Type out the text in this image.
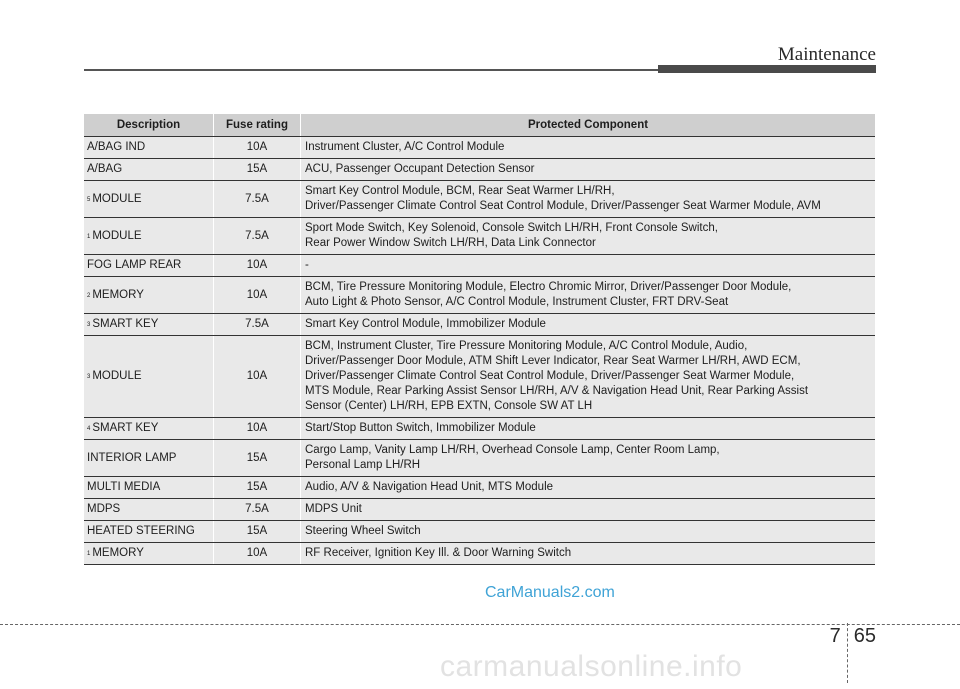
Maintenance
Description	Fuse rating	Protected Component
A/BAG IND	10A	Instrument Cluster, A/C Control Module
A/BAG	15A	ACU, Passenger Occupant Detection Sensor
$^5$ MODULE	7.5A	Smart Key Control Module, BCM, Rear Seat Warmer LH/RH,
Driver/Passenger Climate Control Seat Control Module, Driver/Passenger Seat Warmer Module, AVM
$^1$ MODULE	7.5A	Sport Mode Switch, Key Solenoid, Console Switch LH/RH, Front Console Switch,
Rear Power Window Switch LH/RH, Data Link Connector
FOG LAMP REAR	10A	-
$^2$ MEMORY	10A	BCM, Tire Pressure Monitoring Module, Electro Chromic Mirror, Driver/Passenger Door Module,
Auto Light & Photo Sensor, A/C Control Module, Instrument Cluster, FRT DRV-Seat
$^3$ SMART KEY	7.5A	Smart Key Control Module, Immobilizer Module
$^3$ MODULE	10A	BCM, Instrument Cluster, Tire Pressure Monitoring Module, A/C Control Module, Audio,
Driver/Passenger Door Module, ATM Shift Lever Indicator, Rear Seat Warmer LH/RH, AWD ECM,
Driver/Passenger Climate Control Seat Control Module, Driver/Passenger Seat Warmer Module,
MTS Module, Rear Parking Assist Sensor LH/RH, A/V & Navigation Head Unit, Rear Parking Assist
Sensor (Center) LH/RH, EPB EXTN, Console SW AT LH
$^4$ SMART KEY	10A	Start/Stop Button Switch, Immobilizer Module
INTERIOR LAMP	15A	Cargo Lamp, Vanity Lamp LH/RH, Overhead Console Lamp, Center Room Lamp,
Personal Lamp LH/RH
MULTI MEDIA	15A	Audio, A/V & Navigation Head Unit, MTS Module
MDPS	7.5A	MDPS Unit
HEATED STEERING	15A	Steering Wheel Switch
$^1$ MEMORY	10A	RF Receiver, Ignition Key Ill. & Door Warning Switch
CarManuals2.com
7 65
carmanualsonline.info
